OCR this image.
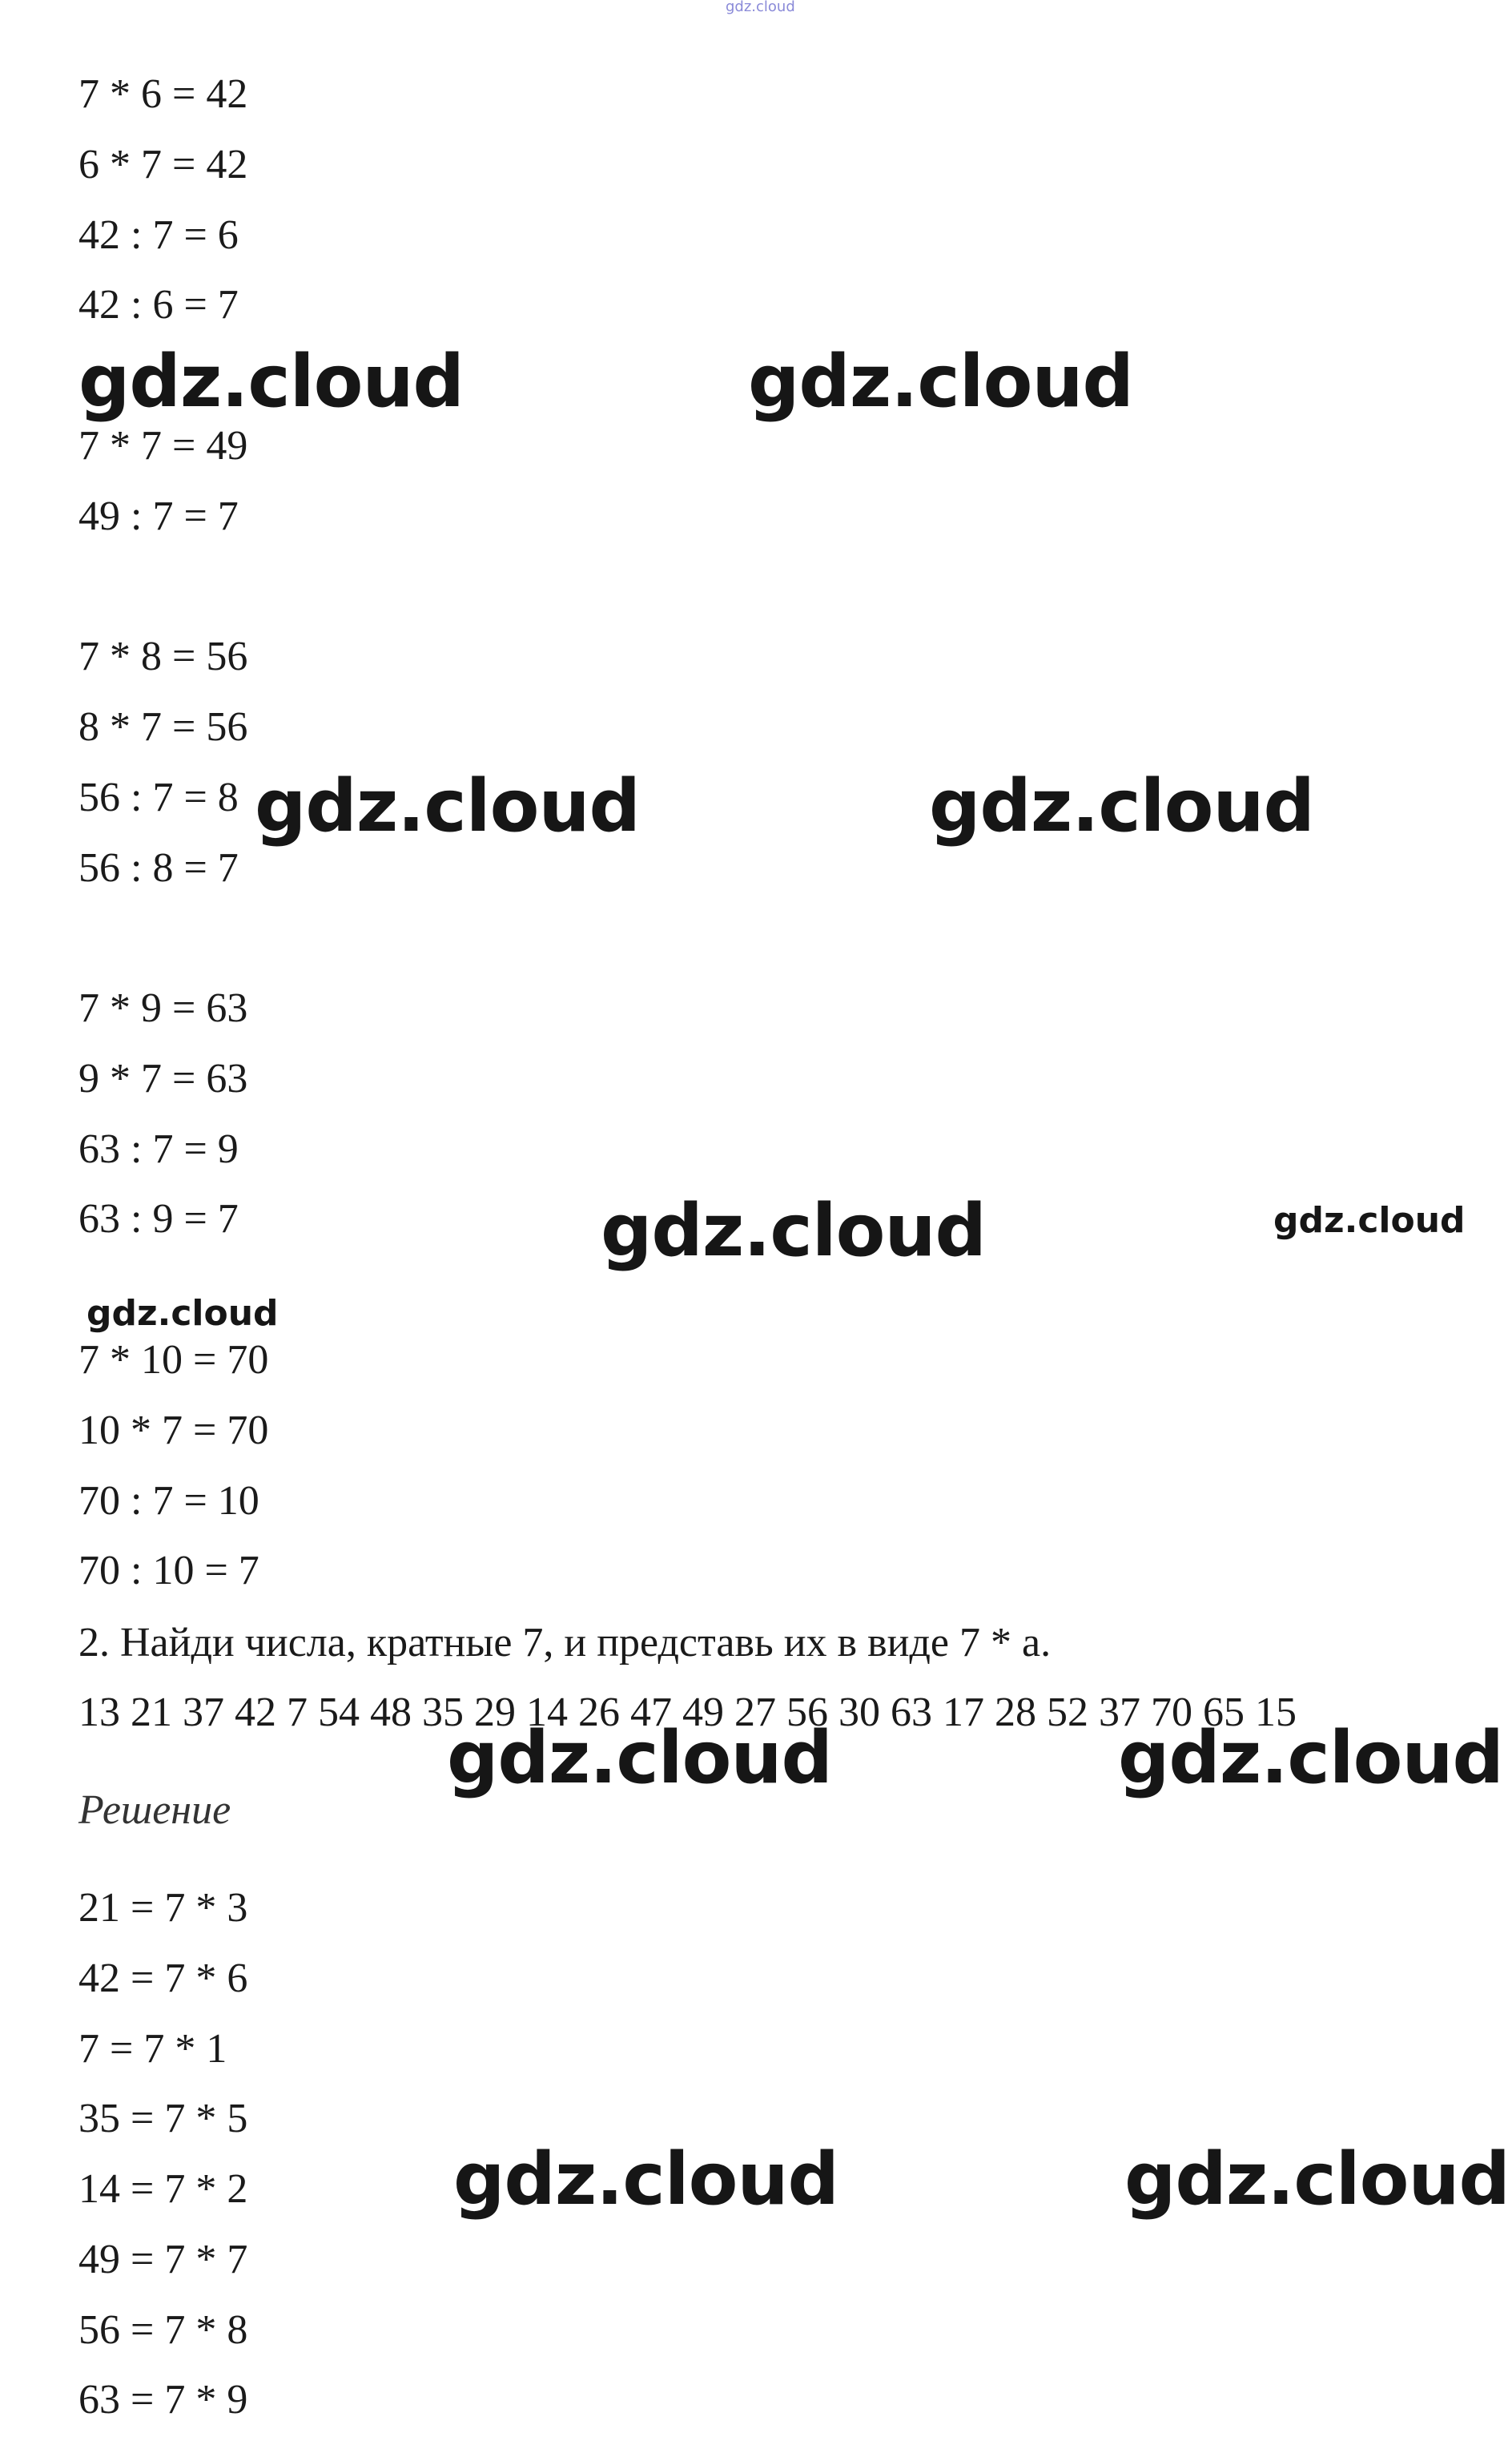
gdz.cloud
7 * 6 = 42
6 * 7 = 42
42 : 7 = 6
42 : 6 = 7
7 * 7 = 49
49 : 7 = 7
7 * 8 = 56
8 * 7 = 56
56 : 7 = 8
56 : 8 = 7
7 * 9 = 63
9 * 7 = 63
63 : 7 = 9
63 : 9 = 7
7 * 10 = 70
10 * 7 = 70
70 : 7 = 10
70 : 10 = 7
2. Найди числа, кратные 7, и представь их в виде 7 * а.
13 21 37 42 7 54 48 35 29 14 26 47 49 27 56 30 63 17 28 52 37 70 65 15
Решение
21 = 7 * 3
42 = 7 * 6
7 = 7 * 1
35 = 7 * 5
14 = 7 * 2
49 = 7 * 7
56 = 7 * 8
63 = 7 * 9
gdz.cloud	gdz.cloud
gdz.cloud	gdz.cloud
gdz.cloud	gdz.cloud
gdz.cloud
gdz.cloud	gdz.cloud
gdz.cloud	gdz.cloud
